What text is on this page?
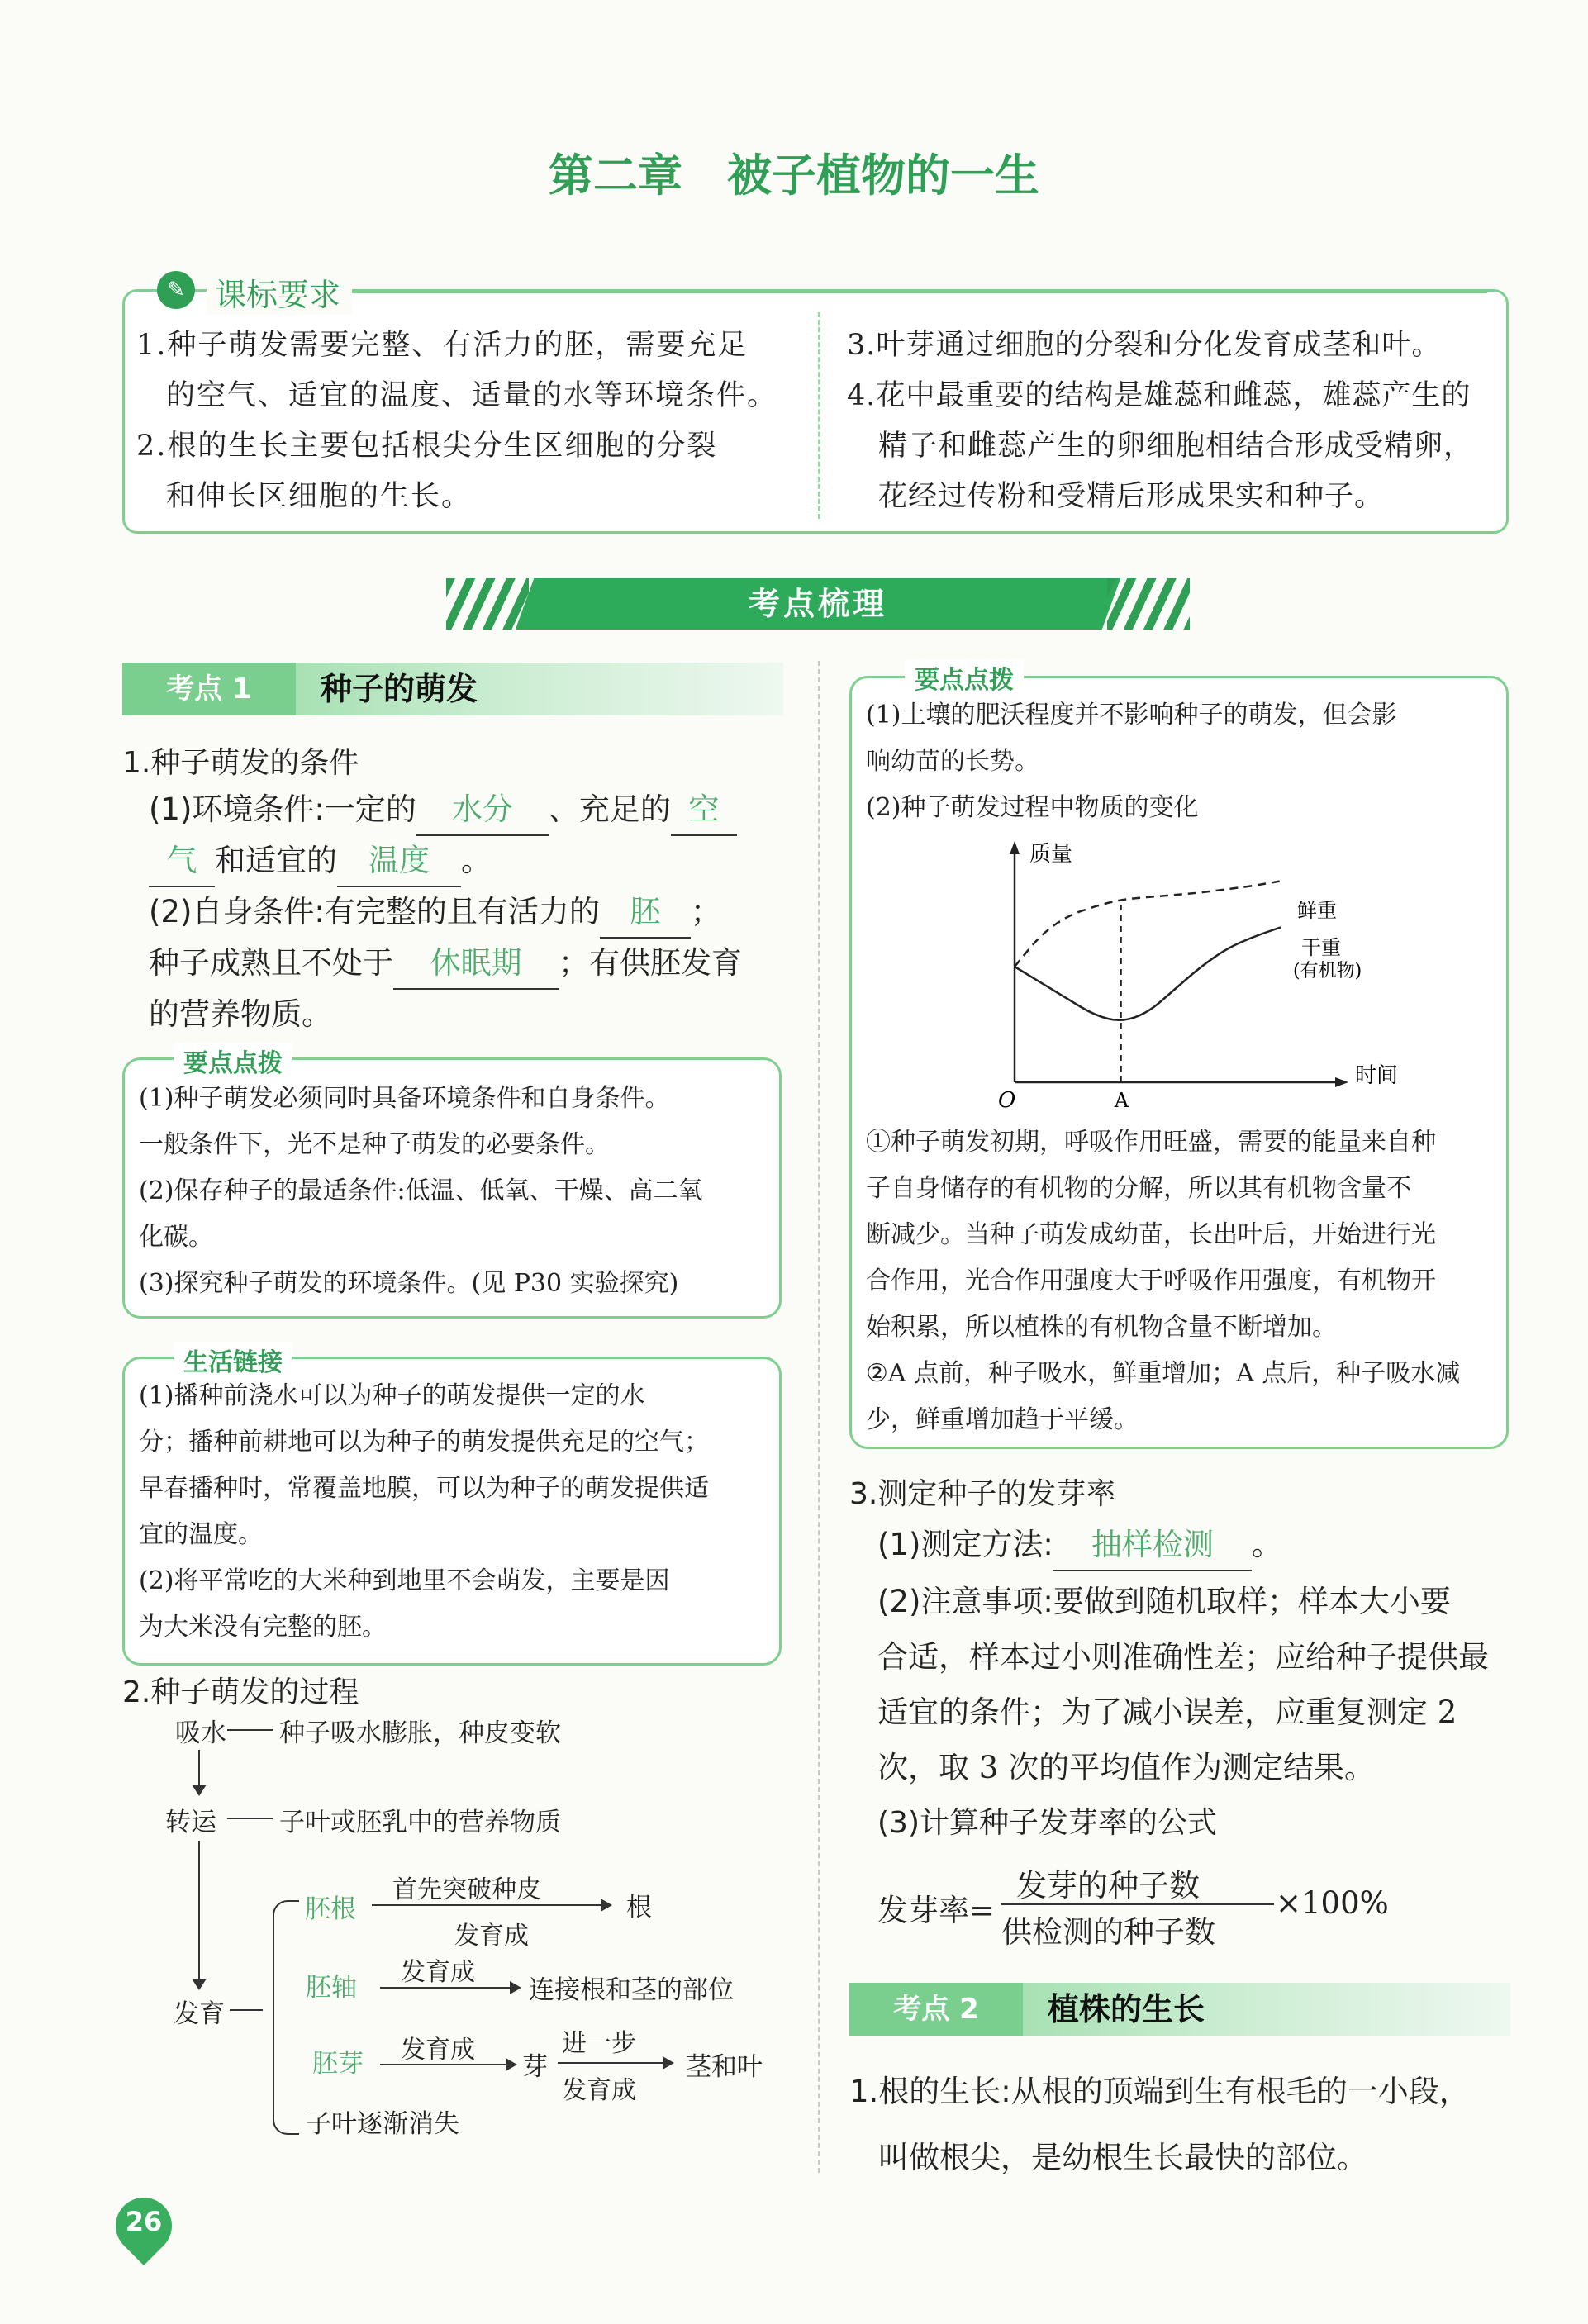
第二章　被子植物的一生
✎ 课标要求
1.种子萌发需要完整、有活力的胚，需要充足
的空气、适宜的温度、适量的水等环境条件。
2.根的生长主要包括根尖分生区细胞的分裂
和伸长区细胞的生长。
3.叶芽通过细胞的分裂和分化发育成茎和叶。
4.花中最重要的结构是雄蕊和雌蕊，雄蕊产生的
精子和雌蕊产生的卵细胞相结合形成受精卵，
花经过传粉和受精后形成果实和种子。
考点梳理
考点 1	种子的萌发
1.种子萌发的条件
(1)环境条件:一定的 水分 、充足的 空
气 和适宜的 温度 。
(2)自身条件:有完整的且有活力的 胚 ；
种子成熟且不处于 休眠期 ；有供胚发育
的营养物质。
要点点拨
(1)种子萌发必须同时具备环境条件和自身条件。
一般条件下，光不是种子萌发的必要条件。
(2)保存种子的最适条件:低温、低氧、干燥、高二氧
化碳。
(3)探究种子萌发的环境条件。(见 P30 实验探究)
生活链接
(1)播种前浇水可以为种子的萌发提供一定的水
分；播种前耕地可以为种子的萌发提供充足的空气；
早春播种时，常覆盖地膜，可以为种子的萌发提供适
宜的温度。
(2)将平常吃的大米种到地里不会萌发，主要是因
为大米没有完整的胚。
2.种子萌发的过程
吸水 种子吸水膨胀，种皮变软
转运 子叶或胚乳中的营养物质
发育
胚根
首先突破种皮
发育成
根
胚轴
发育成
连接根和茎的部位
胚芽 发育成
芽
进一步
发育成
茎和叶
子叶逐渐消失
要点点拨
(1)土壤的肥沃程度并不影响种子的萌发，但会影
响幼苗的长势。
(2)种子萌发过程中物质的变化
质量
时间
O	A
鲜重
干重
(有机物)
①种子萌发初期，呼吸作用旺盛，需要的能量来自种
子自身储存的有机物的分解，所以其有机物含量不
断减少。当种子萌发成幼苗，长出叶后，开始进行光
合作用，光合作用强度大于呼吸作用强度，有机物开
始积累，所以植株的有机物含量不断增加。
②A 点前，种子吸水，鲜重增加；A 点后，种子吸水减
少，鲜重增加趋于平缓。
3.测定种子的发芽率
(1)测定方法: 抽样检测 。
(2)注意事项:要做到随机取样；样本大小要
合适，样本过小则准确性差；应给种子提供最
适宜的条件；为了减小误差，应重复测定 2
次，取 3 次的平均值作为测定结果。
(3)计算种子发芽率的公式
发芽率=
发芽的种子数
供检测的种子数
×100%
考点 2	植株的生长
1.根的生长:从根的顶端到生有根毛的一小段，
叫做根尖，是幼根生长最快的部位。
26
